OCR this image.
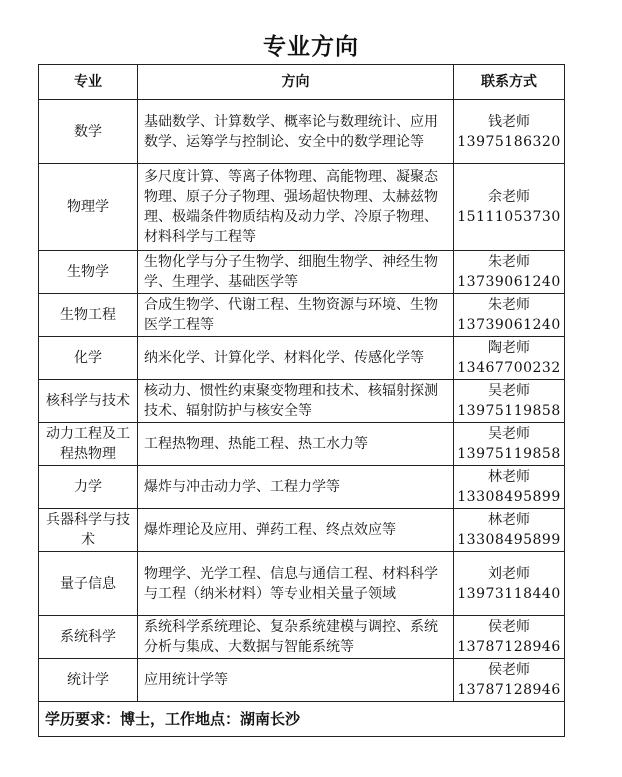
专业方向
专业	方向	联系方式
数学	基础数学、计算数学、概率论与数理统计、应用数学、运筹学与控制论、安全中的数学理论等	钱老师
13975186320

物理学	多尺度计算、等离子体物理、高能物理、凝聚态物理、原子分子物理、强场超快物理、太赫兹物理、极端条件物质结构及动力学、冷原子物理、材料科学与工程等	余老师
15111053730

生物学	生物化学与分子生物学、细胞生物学、神经生物学、生理学、基础医学等	朱老师
13739061240

生物工程	合成生物学、代谢工程、生物资源与环境、生物医学工程等	朱老师
13739061240

化学	纳米化学、计算化学、材料化学、传感化学等	陶老师
13467700232

核科学与技术	核动力、惯性约束聚变物理和技术、核辐射探测技术、辐射防护与核安全等	吴老师
13975119858

动力工程及工程热物理	工程热物理、热能工程、热工水力等	吴老师
13975119858

力学	爆炸与冲击动力学、工程力学等	林老师
13308495899

兵器科学与技术	爆炸理论及应用、弹药工程、终点效应等	林老师
13308495899

量子信息	物理学、光学工程、信息与通信工程、材料科学与工程（纳米材料）等专业相关量子领域	刘老师
13973118440

系统科学	系统科学系统理论、复杂系统建模与调控、系统分析与集成、大数据与智能系统等	侯老师
13787128946

统计学	应用统计学等	侯老师
13787128946

学历要求：博士，工作地点：湖南长沙		
